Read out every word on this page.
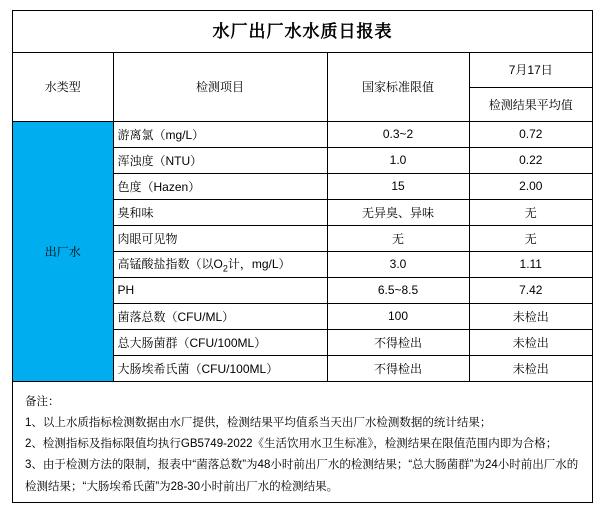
水厂出厂水水质日报表
水类型	检测项目	国家标准限值	7月17日
			检测结果平均值
出厂水	游离氯（mg/L）	0.3~2	0.72
	浑浊度（NTU）	1.0	0.22
	色度（Hazen）	15	2.00
	臭和味	无异臭、异味	无
	肉眼可见物	无	无
	高锰酸盐指数（以$O_2$计，mg/L）	3.0	1.11
	PH	6.5~8.5	7.42
	菌落总数（CFU/ML）	100	未检出
	总大肠菌群（CFU/100ML）	不得检出	未检出
	大肠埃希氏菌（CFU/100ML）	不得检出	未检出
备注：
1、以上水质指标检测数据由水厂提供，检测结果平均值系当天出厂水检测数据的统计结果；
2、检测指标及指标限值均执行GB5749-2022《生活饮用水卫生标准》，检测结果在限值范围内即为合格；
3、由于检测方法的限制，报表中“菌落总数”为48小时前出厂水的检测结果；“总大肠菌群”为24小时前出厂水的检测结果；“大肠埃希氏菌”为28-30小时前出厂水的检测结果。
